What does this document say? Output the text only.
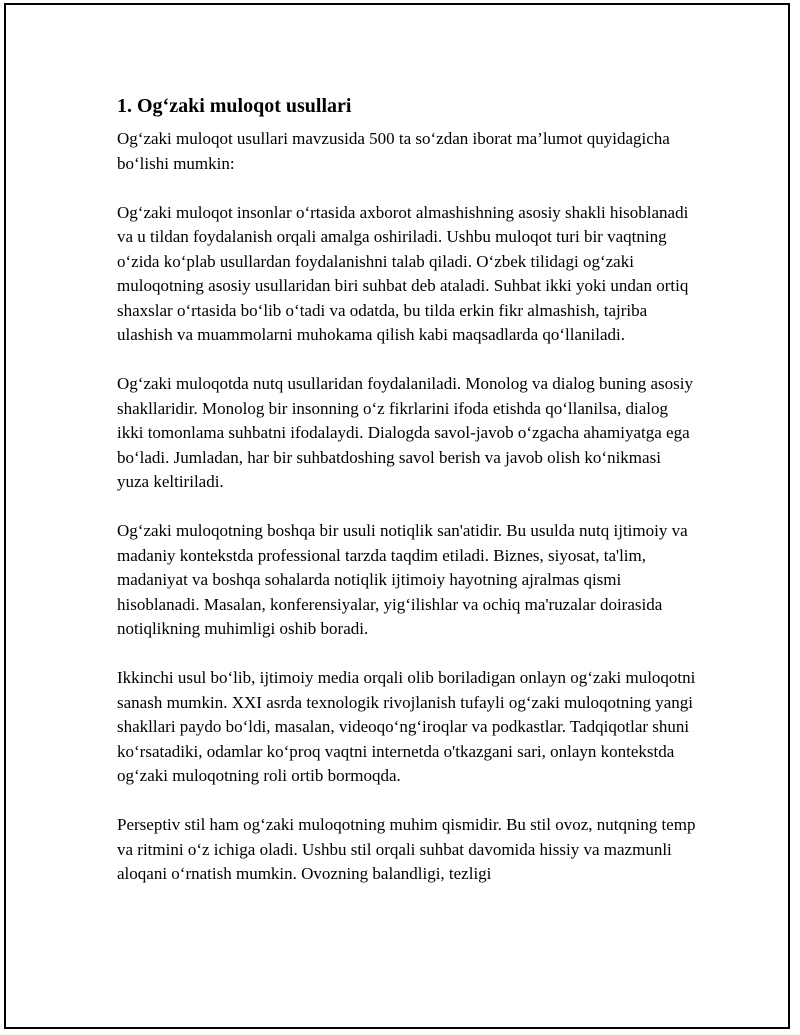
1. Og‘zaki muloqot usullari

Og‘zaki muloqot usullari mavzusida 500 ta so‘zdan iborat ma’lumot quyidagicha bo‘lishi mumkin:

Og‘zaki muloqot insonlar o‘rtasida axborot almashishning asosiy shakli hisoblanadi va u tildan foydalanish orqali amalga oshiriladi. Ushbu muloqot turi bir vaqtning o‘zida ko‘plab usullardan foydalanishni talab qiladi. O‘zbek tilidagi og‘zaki muloqotning asosiy usullaridan biri suhbat deb ataladi. Suhbat ikki yoki undan ortiq shaxslar o‘rtasida bo‘lib o‘tadi va odatda, bu tilda erkin fikr almashish, tajriba ulashish va muammolarni muhokama qilish kabi maqsadlarda qo‘llaniladi.

Og‘zaki muloqotda nutq usullaridan foydalaniladi. Monolog va dialog buning asosiy shakllaridir. Monolog bir insonning o‘z fikrlarini ifoda etishda qo‘llanilsa, dialog ikki tomonlama suhbatni ifodalaydi. Dialogda savol-javob o‘zgacha ahamiyatga ega bo‘ladi. Jumladan, har bir suhbatdoshing savol berish va javob olish ko‘nikmasi yuza keltiriladi.

Og‘zaki muloqotning boshqa bir usuli notiqlik san'atidir. Bu usulda nutq ijtimoiy va madaniy kontekstda professional tarzda taqdim etiladi. Biznes, siyosat, ta'lim, madaniyat va boshqa sohalarda notiqlik ijtimoiy hayotning ajralmas qismi hisoblanadi. Masalan, konferensiyalar, yig‘ilishlar va ochiq ma'ruzalar doirasida notiqlikning muhimligi oshib boradi.

Ikkinchi usul bo‘lib, ijtimoiy media orqali olib boriladigan onlayn og‘zaki muloqotni sanash mumkin. XXI asrda texnologik rivojlanish tufayli og‘zaki muloqotning yangi shakllari paydo bo‘ldi, masalan, videoqo‘ng‘iroqlar va podkastlar. Tadqiqotlar shuni ko‘rsatadiki, odamlar ko‘proq vaqtni internetda o'tkazgani sari, onlayn kontekstda og‘zaki muloqotning roli ortib bormoqda.

Perseptiv stil ham og‘zaki muloqotning muhim qismidir. Bu stil ovoz, nutqning temp va ritmini o‘z ichiga oladi. Ushbu stil orqali suhbat davomida hissiy va mazmunli aloqani o‘rnatish mumkin. Ovozning balandligi, tezligi
